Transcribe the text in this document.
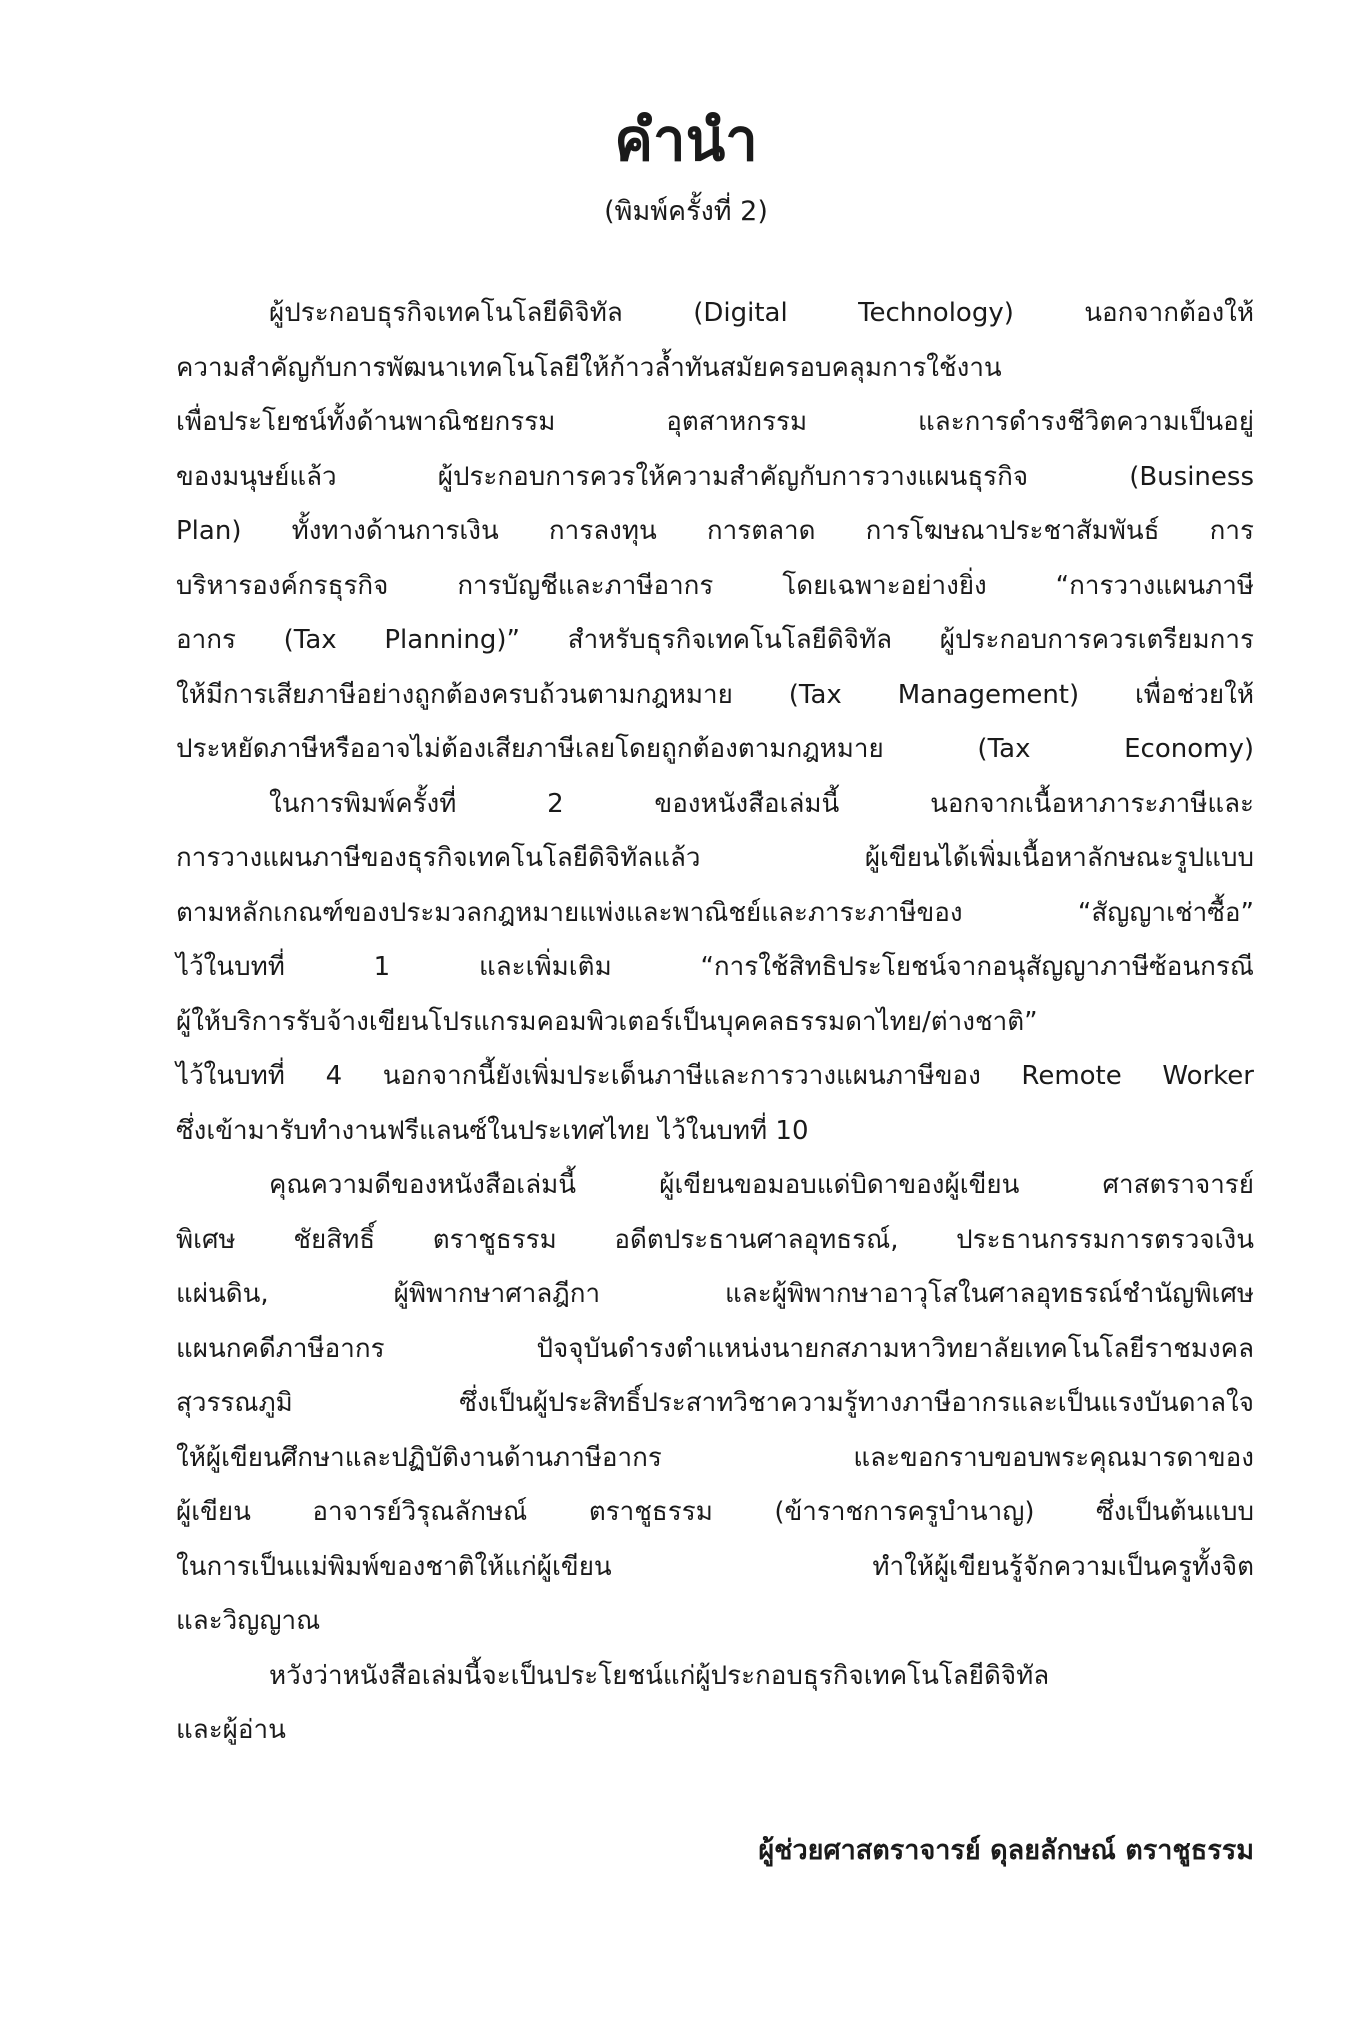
คำนำ
(พิมพ์ครั้งที่ 2)
ผู้ประกอบธุรกิจเทคโนโลยีดิจิทัล (Digital Technology) นอกจากต้องให้
ความสำคัญกับการพัฒนาเทคโนโลยีให้ก้าวล้ำทันสมัยครอบคลุมการใช้งาน
เพื่อประโยชน์ทั้งด้านพาณิชยกรรม อุตสาหกรรม และการดำรงชีวิตความเป็นอยู่
ของมนุษย์แล้ว ผู้ประกอบการควรให้ความสำคัญกับการวางแผนธุรกิจ (Business
Plan) ทั้งทางด้านการเงิน การลงทุน การตลาด การโฆษณาประชาสัมพันธ์ การ
บริหารองค์กรธุรกิจ การบัญชีและภาษีอากร โดยเฉพาะอย่างยิ่ง “การวางแผนภาษี
อากร (Tax Planning)” สำหรับธุรกิจเทคโนโลยีดิจิทัล ผู้ประกอบการควรเตรียมการ
ให้มีการเสียภาษีอย่างถูกต้องครบถ้วนตามกฎหมาย (Tax Management) เพื่อช่วยให้
ประหยัดภาษีหรืออาจไม่ต้องเสียภาษีเลยโดยถูกต้องตามกฎหมาย (Tax Economy)
ในการพิมพ์ครั้งที่ 2 ของหนังสือเล่มนี้ นอกจากเนื้อหาภาระภาษีและ
การวางแผนภาษีของธุรกิจเทคโนโลยีดิจิทัลแล้ว ผู้เขียนได้เพิ่มเนื้อหาลักษณะรูปแบบ
ตามหลักเกณฑ์ของประมวลกฎหมายแพ่งและพาณิชย์และภาระภาษีของ “สัญญาเช่าซื้อ”
ไว้ในบทที่ 1 และเพิ่มเติม “การใช้สิทธิประโยชน์จากอนุสัญญาภาษีซ้อนกรณี
ผู้ให้บริการรับจ้างเขียนโปรแกรมคอมพิวเตอร์เป็นบุคคลธรรมดาไทย/ต่างชาติ”
ไว้ในบทที่ 4 นอกจากนี้ยังเพิ่มประเด็นภาษีและการวางแผนภาษีของ Remote Worker
ซึ่งเข้ามารับทำงานฟรีแลนซ์ในประเทศไทย ไว้ในบทที่ 10
คุณความดีของหนังสือเล่มนี้ ผู้เขียนขอมอบแด่บิดาของผู้เขียน ศาสตราจารย์
พิเศษ ชัยสิทธิ์ ตราชูธรรม อดีตประธานศาลอุทธรณ์, ประธานกรรมการตรวจเงิน
แผ่นดิน, ผู้พิพากษาศาลฎีกา และผู้พิพากษาอาวุโสในศาลอุทธรณ์ชำนัญพิเศษ
แผนกคดีภาษีอากร ปัจจุบันดำรงตำแหน่งนายกสภามหาวิทยาลัยเทคโนโลยีราชมงคล
สุวรรณภูมิ ซึ่งเป็นผู้ประสิทธิ์ประสาทวิชาความรู้ทางภาษีอากรและเป็นแรงบันดาลใจ
ให้ผู้เขียนศึกษาและปฏิบัติงานด้านภาษีอากร และขอกราบขอบพระคุณมารดาของ
ผู้เขียน อาจารย์วิรุณลักษณ์ ตราชูธรรม (ข้าราชการครูบำนาญ) ซึ่งเป็นต้นแบบ
ในการเป็นแม่พิมพ์ของชาติให้แก่ผู้เขียน ทำให้ผู้เขียนรู้จักความเป็นครูทั้งจิต
และวิญญาณ
หวังว่าหนังสือเล่มนี้จะเป็นประโยชน์แก่ผู้ประกอบธุรกิจเทคโนโลยีดิจิทัล
และผู้อ่าน
ผู้ช่วยศาสตราจารย์ ดุลยลักษณ์ ตราชูธรรม
